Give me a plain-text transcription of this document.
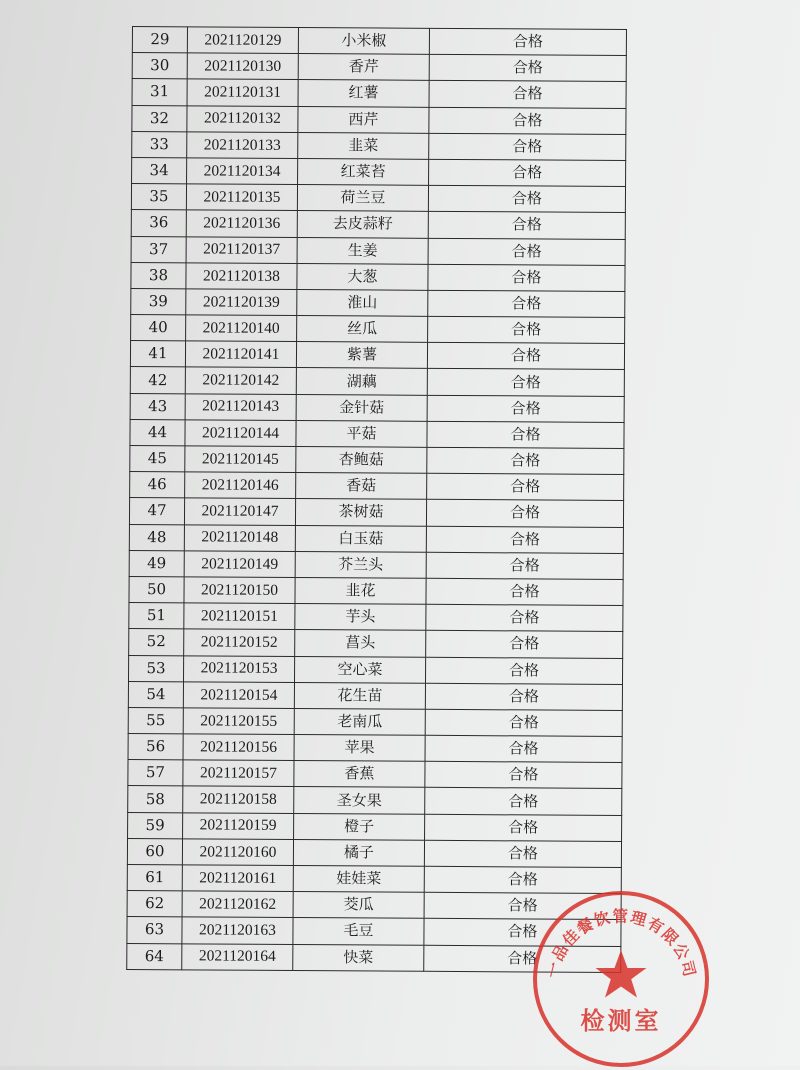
29	2021120129	小米椒	合格
30	2021120130	香芹	合格
31	2021120131	红薯	合格
32	2021120132	西芹	合格
33	2021120133	韭菜	合格
34	2021120134	红菜苔	合格
35	2021120135	荷兰豆	合格
36	2021120136	去皮蒜籽	合格
37	2021120137	生姜	合格
38	2021120138	大葱	合格
39	2021120139	淮山	合格
40	2021120140	丝瓜	合格
41	2021120141	紫薯	合格
42	2021120142	湖藕	合格
43	2021120143	金针菇	合格
44	2021120144	平菇	合格
45	2021120145	杏鲍菇	合格
46	2021120146	香菇	合格
47	2021120147	茶树菇	合格
48	2021120148	白玉菇	合格
49	2021120149	芥兰头	合格
50	2021120150	韭花	合格
51	2021120151	芋头	合格
52	2021120152	菖头	合格
53	2021120153	空心菜	合格
54	2021120154	花生苗	合格
55	2021120155	老南瓜	合格
56	2021120156	苹果	合格
57	2021120157	香蕉	合格
58	2021120158	圣女果	合格
59	2021120159	橙子	合格
60	2021120160	橘子	合格
61	2021120161	娃娃菜	合格
62	2021120162	茭瓜	合格
63	2021120163	毛豆	合格
64	2021120164	快菜	合格
一品佳餐饮管理有限公司
检测室
